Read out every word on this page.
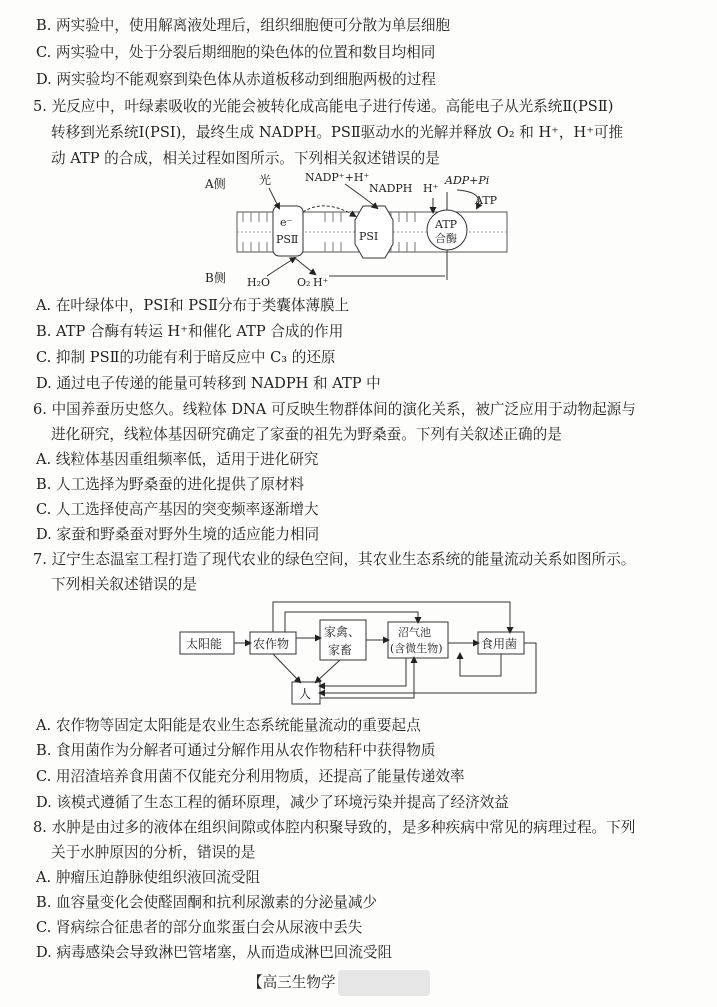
B. 两实验中，使用解离液处理后，组织细胞便可分散为单层细胞
C. 两实验中，处于分裂后期细胞的染色体的位置和数目均相同
D. 两实验均不能观察到染色体从赤道板移动到细胞两极的过程
5. 光反应中，叶绿素吸收的光能会被转化成高能电子进行传递。高能电子从光系统Ⅱ(PSⅡ)
转移到光系统Ⅰ(PSⅠ)，最终生成 NADPH。PSⅡ驱动水的光解并释放 O₂ 和 H⁺，H⁺可推
动 ATP 的合成，相关过程如图所示。下列相关叙述错误的是
A侧
B侧
e⁻
PSⅡ	PSⅠ
ATP
合酶
光	NADP⁺+H⁺
NADPH H⁺
ADP+Pi
ATP
H₂O O₂ H⁺
A. 在叶绿体中，PSⅠ和 PSⅡ分布于类囊体薄膜上
B. ATP 合酶有转运 H⁺和催化 ATP 合成的作用
C. 抑制 PSⅡ的功能有利于暗反应中 C₃ 的还原
D. 通过电子传递的能量可转移到 NADPH 和 ATP 中
6. 中国养蚕历史悠久。线粒体 DNA 可反映生物群体间的演化关系，被广泛应用于动物起源与
进化研究，线粒体基因研究确定了家蚕的祖先为野桑蚕。下列有关叙述正确的是
A. 线粒体基因重组频率低，适用于进化研究
B. 人工选择为野桑蚕的进化提供了原材料
C. 人工选择使高产基因的突变频率逐渐增大
D. 家蚕和野桑蚕对野外生境的适应能力相同
7. 辽宁生态温室工程打造了现代农业的绿色空间，其农业生态系统的能量流动关系如图所示。
下列相关叙述错误的是
太阳能	农作物
家禽、
家畜
沼气池
(含微生物)	食用菌
人
A. 农作物等固定太阳能是农业生态系统能量流动的重要起点
B. 食用菌作为分解者可通过分解作用从农作物秸秆中获得物质
C. 用沼渣培养食用菌不仅能充分利用物质，还提高了能量传递效率
D. 该模式遵循了生态工程的循环原理，减少了环境污染并提高了经济效益
8. 水肿是由过多的液体在组织间隙或体腔内积聚导致的，是多种疾病中常见的病理过程。下列
关于水肿原因的分析，错误的是
A. 肿瘤压迫静脉使组织液回流受阻
B. 血容量变化会使醛固酮和抗利尿激素的分泌量减少
C. 肾病综合征患者的部分血浆蛋白会从尿液中丢失
D. 病毒感染会导致淋巴管堵塞，从而造成淋巴回流受阻
【高三生物学
